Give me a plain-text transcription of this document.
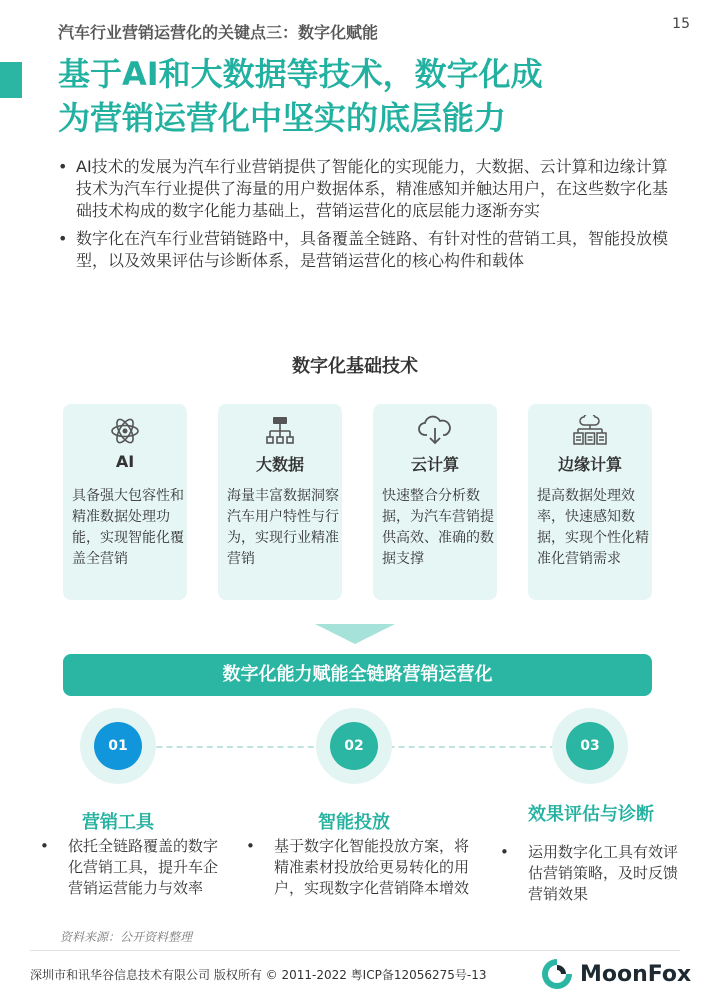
15
汽车行业营销运营化的关键点三：数字化赋能
基于AI和大数据等技术，数字化成
为营销运营化中坚实的底层能力
• AI技术的发展为汽车行业营销提供了智能化的实现能力，大数据、云计算和边缘计算技术为汽车行业提供了海量的用户数据体系，精准感知并触达用户，在这些数字化基础技术构成的数字化能力基础上，营销运营化的底层能力逐渐夯实
• 数字化在汽车行业营销链路中，具备覆盖全链路、有针对性的营销工具，智能投放模型，以及效果评估与诊断体系，是营销运营化的核心构件和载体
数字化基础技术
AI
具备强大包容性和精准数据处理功能，实现智能化覆盖全营销
大数据
海量丰富数据洞察汽车用户特性与行为，实现行业精准营销
云计算
快速整合分析数据，为汽车营销提供高效、准确的数据支撑
边缘计算
提高数据处理效率，快速感知数据，实现个性化精准化营销需求
数字化能力赋能全链路营销运营化
01	02	03
营销工具	智能投放	效果评估与诊断
• 依托全链路覆盖的数字化营销工具，提升车企营销运营能力与效率
• 基于数字化智能投放方案，将精准素材投放给更易转化的用户，实现数字化营销降本增效
• 运用数字化工具有效评估营销策略，及时反馈营销效果
资料来源：公开资料整理
深圳市和讯华谷信息技术有限公司 版权所有 © 2011-2022 粤ICP备12056275号-13	MoonFox
